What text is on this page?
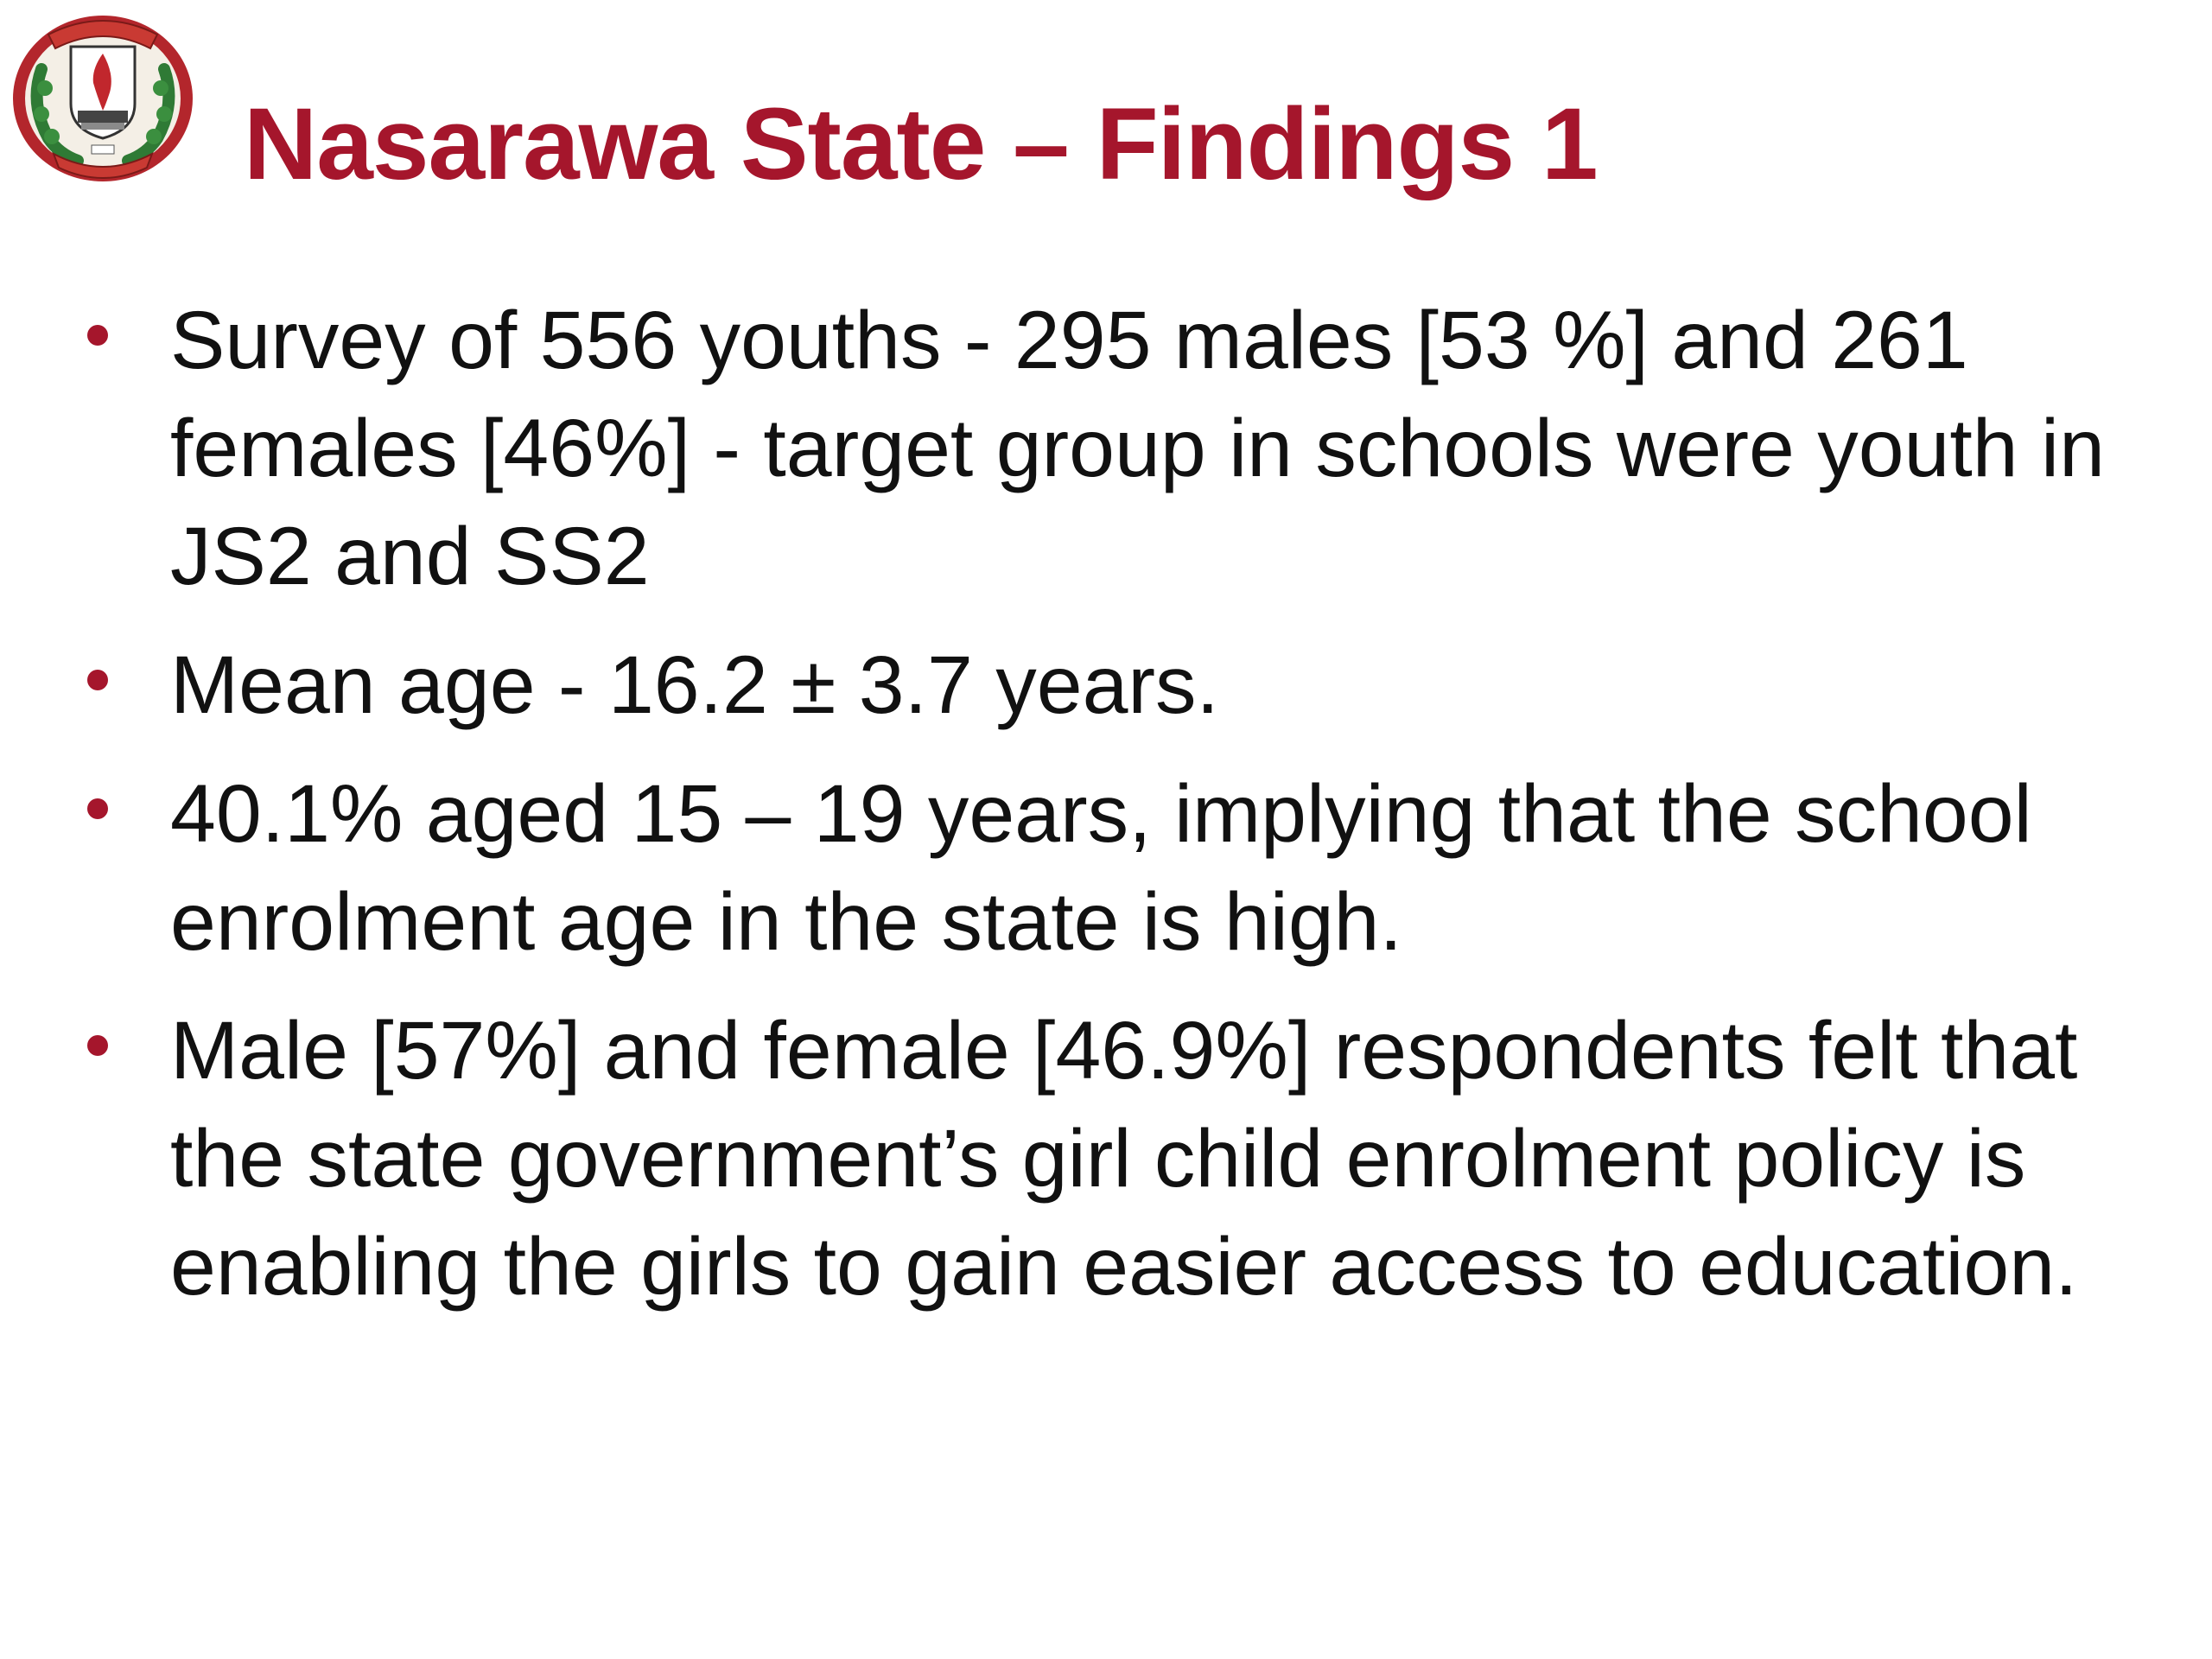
Nasarawa State – Findings 1
Survey of 556 youths - 295 males [53 %] and 261 females [46%] - target group in schools were youth in JS2 and SS2
Mean age - 16.2 ± 3.7 years.
40.1% aged 15 – 19 years, implying that the school enrolment age in the state is high.
Male [57%] and female [46.9%] respondents felt that the state government’s girl child enrolment policy is enabling the girls to gain easier access to education.
